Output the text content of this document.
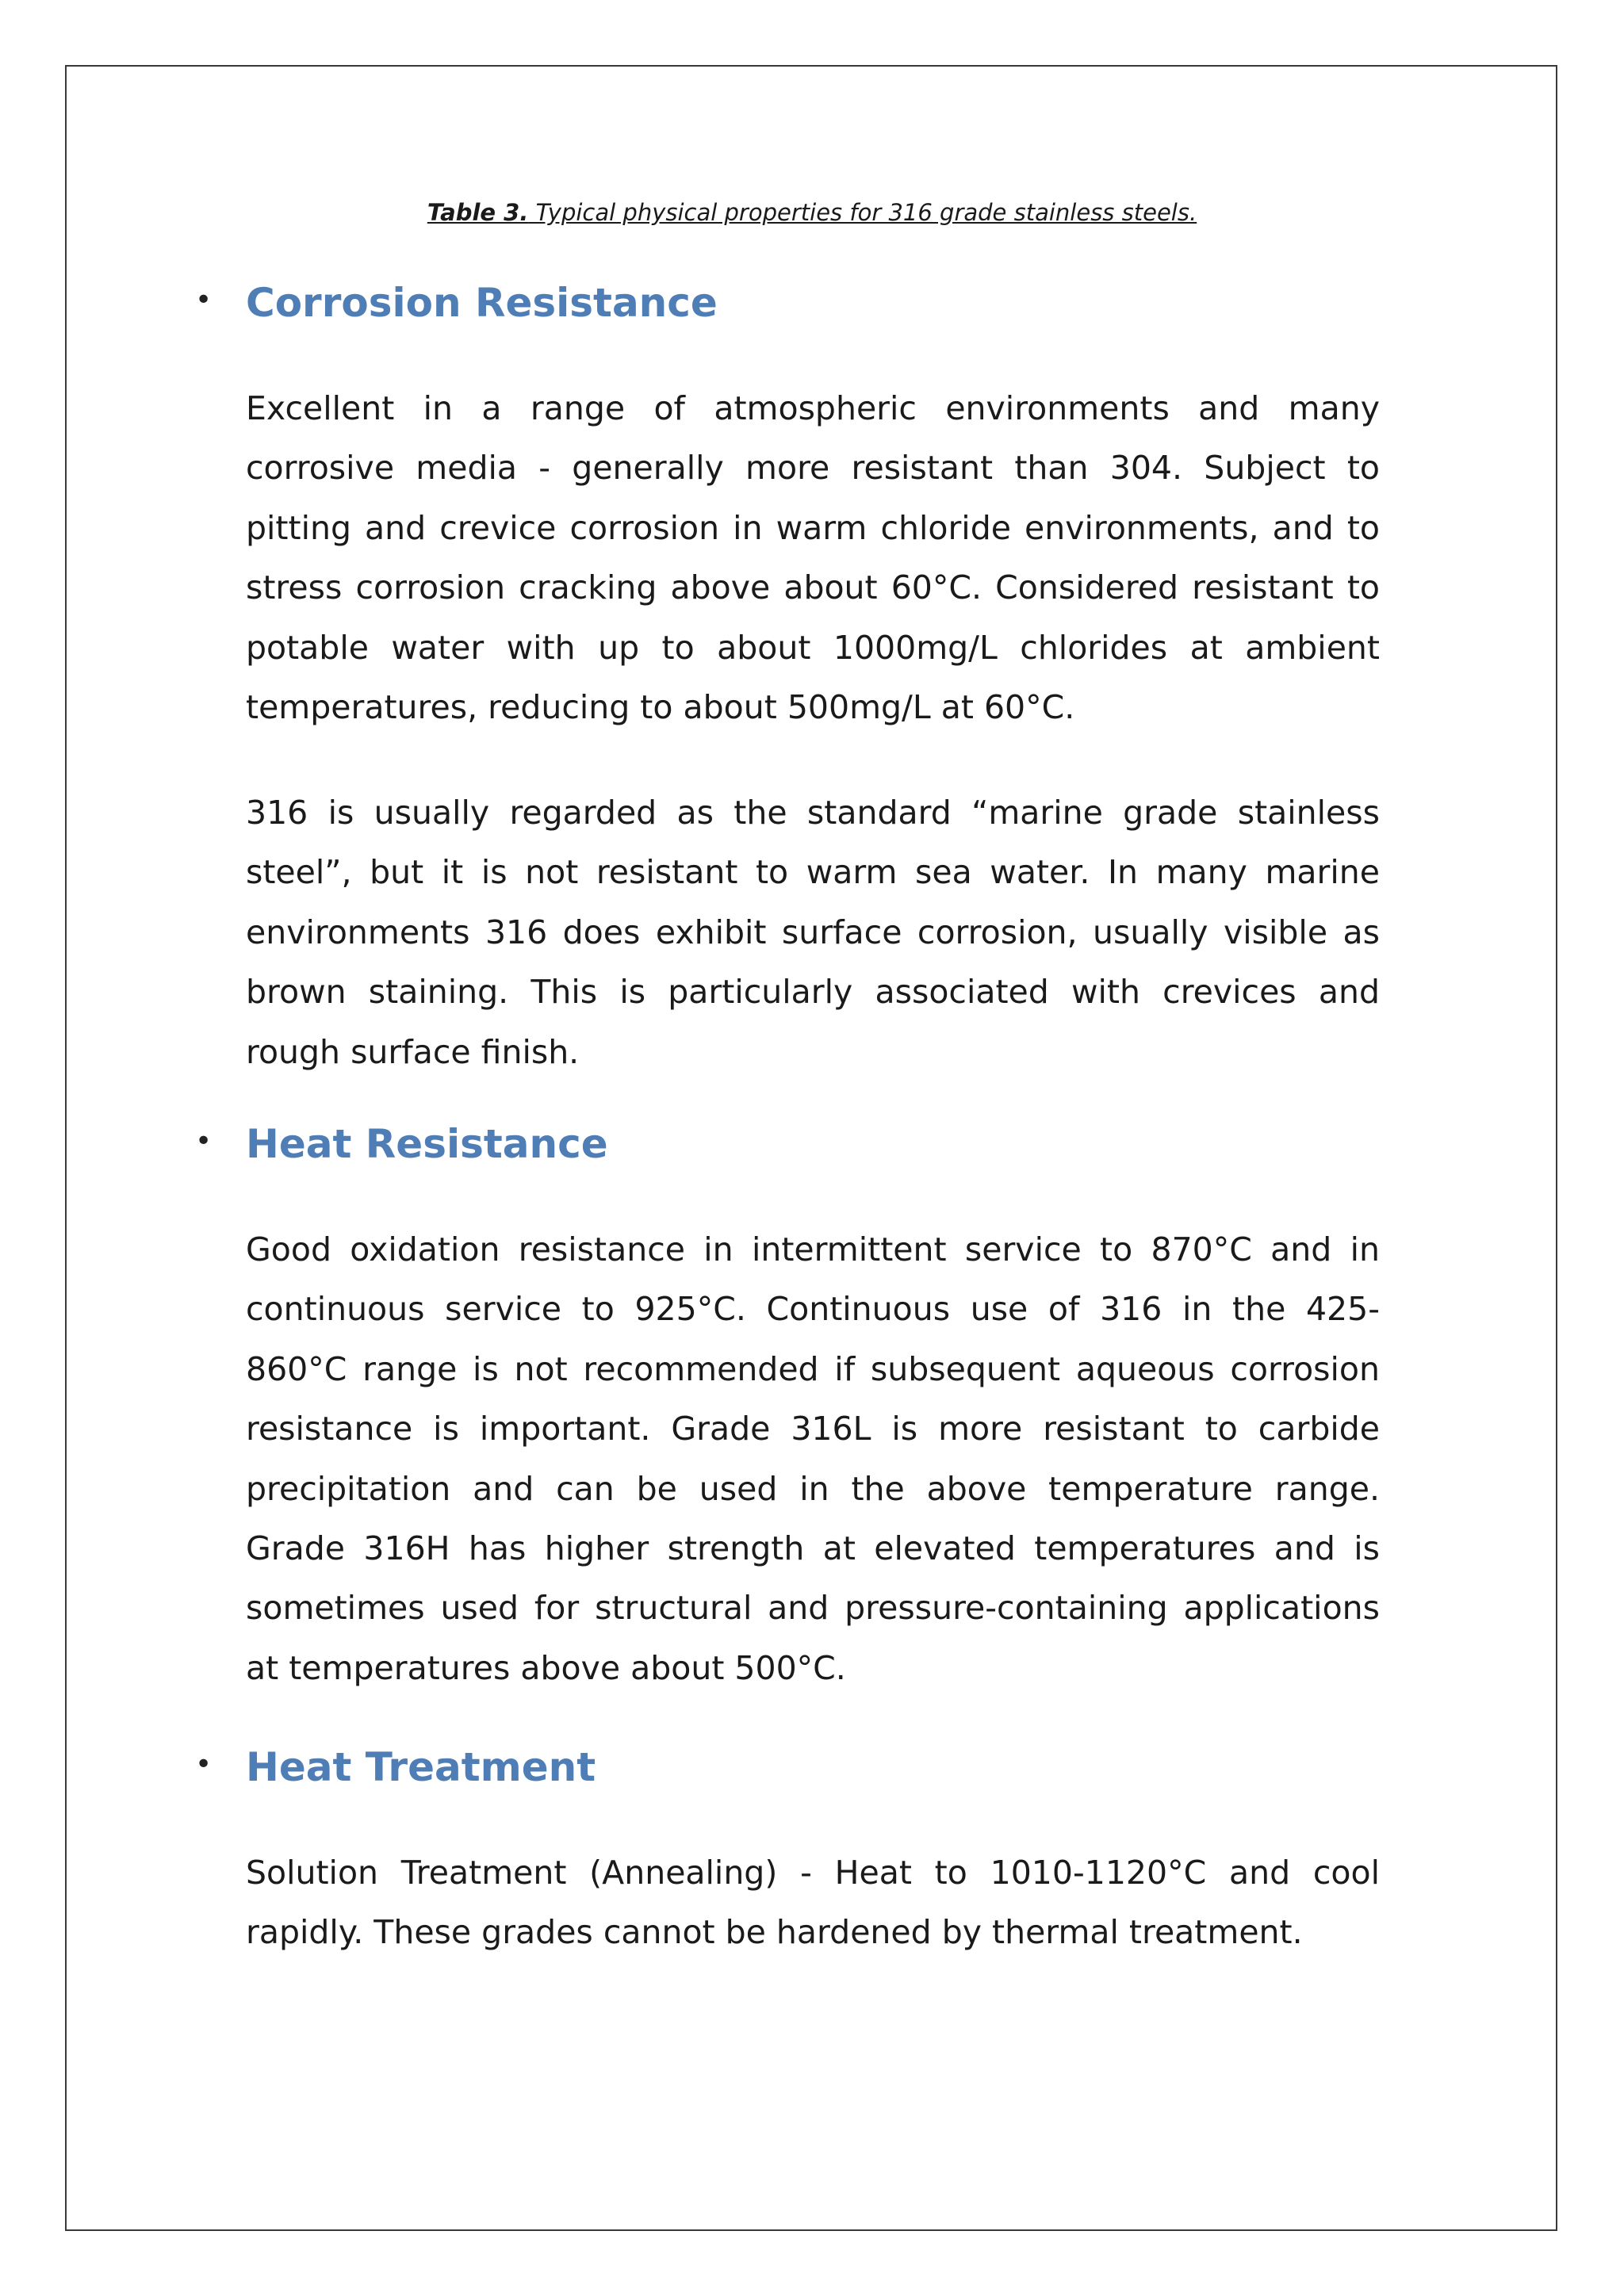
Table 3. Typical physical properties for 316 grade stainless steels.
• Corrosion Resistance

Excellent in a range of atmospheric environments and many corrosive media - generally more resistant than 304. Subject to pitting and crevice corrosion in warm chloride environments, and to stress corrosion cracking above about 60°C. Considered resistant to potable water with up to about 1000mg/L chlorides at ambient temperatures, reducing to about 500mg/L at 60°C.

316 is usually regarded as the standard “marine grade stainless steel”, but it is not resistant to warm sea water. In many marine environments 316 does exhibit surface corrosion, usually visible as brown staining. This is particularly associated with crevices and rough surface finish.

• Heat Resistance

Good oxidation resistance in intermittent service to 870°C and in continuous service to 925°C. Continuous use of 316 in the 425-860°C range is not recommended if subsequent aqueous corrosion resistance is important. Grade 316L is more resistant to carbide precipitation and can be used in the above temperature range. Grade 316H has higher strength at elevated temperatures and is sometimes used for structural and pressure-containing applications at temperatures above about 500°C.

• Heat Treatment

Solution Treatment (Annealing) - Heat to 1010-1120°C and cool rapidly. These grades cannot be hardened by thermal treatment.
